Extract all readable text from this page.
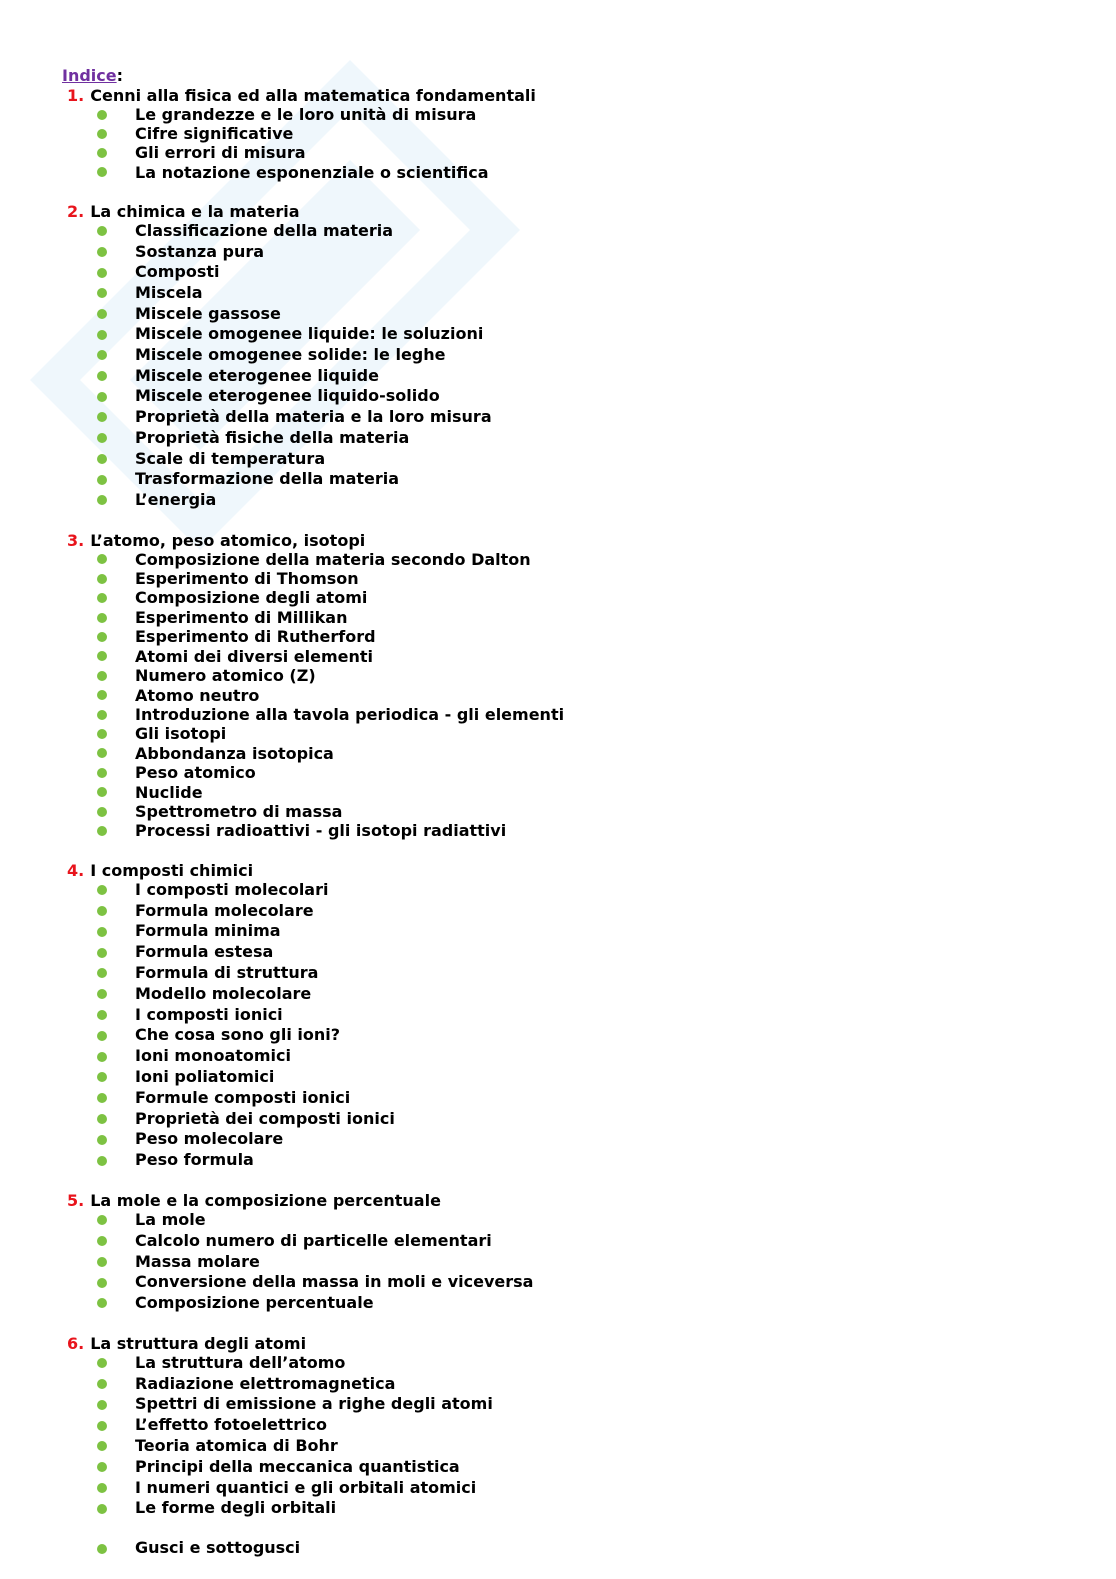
Indice:
1. Cenni alla fisica ed alla matematica fondamentali
Le grandezze e le loro unità di misura
Cifre significative
Gli errori di misura
La notazione esponenziale o scientifica
2. La chimica e la materia
Classificazione della materia
Sostanza pura
Composti
Miscela
Miscele gassose
Miscele omogenee liquide: le soluzioni
Miscele omogenee solide: le leghe
Miscele eterogenee liquide
Miscele eterogenee liquido-solido
Proprietà della materia e la loro misura
Proprietà fisiche della materia
Scale di temperatura
Trasformazione della materia
L’energia
3. L’atomo, peso atomico, isotopi
Composizione della materia secondo Dalton
Esperimento di Thomson
Composizione degli atomi
Esperimento di Millikan
Esperimento di Rutherford
Atomi dei diversi elementi
Numero atomico (Z)
Atomo neutro
Introduzione alla tavola periodica - gli elementi
Gli isotopi
Abbondanza isotopica
Peso atomico
Nuclide
Spettrometro di massa
Processi radioattivi - gli isotopi radiattivi
4. I composti chimici
I composti molecolari
Formula molecolare
Formula minima
Formula estesa
Formula di struttura
Modello molecolare
I composti ionici
Che cosa sono gli ioni?
Ioni monoatomici
Ioni poliatomici
Formule composti ionici
Proprietà dei composti ionici
Peso molecolare
Peso formula
5. La mole e la composizione percentuale
La mole
Calcolo numero di particelle elementari
Massa molare
Conversione della massa in moli e viceversa
Composizione percentuale
6. La struttura degli atomi
La struttura dell’atomo
Radiazione elettromagnetica
Spettri di emissione a righe degli atomi
L’effetto fotoelettrico
Teoria atomica di Bohr
Principi della meccanica quantistica
I numeri quantici e gli orbitali atomici
Le forme degli orbitali
Gusci e sottogusci
